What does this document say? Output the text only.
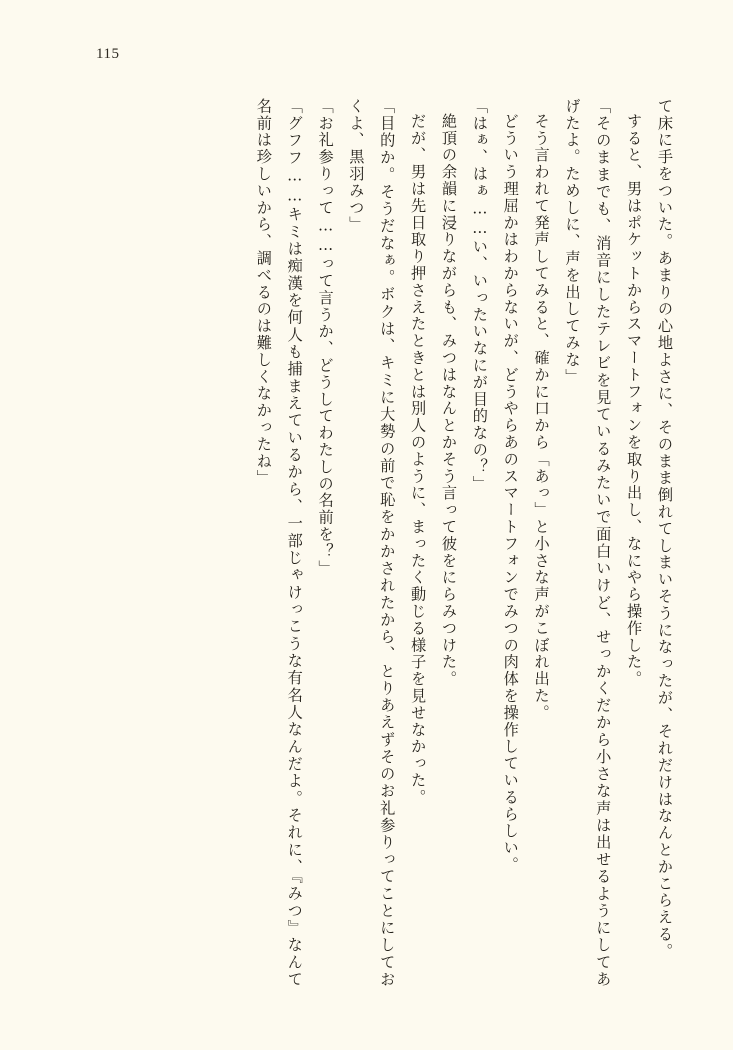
115

て床に手をついた。あまりの心地よさに、そのまま倒れてしまいそうになったが、それだけはなんとかこらえる。

すると、男はポケットからスマートフォンを取り出し、なにやら操作した。

「そのままでも、消音にしたテレビを見ているみたいで面白いけど、せっかくだから小さな声は出せるようにしてあげたよ。ためしに、声を出してみな」

そう言われて発声してみると、確かに口から「あっ」と小さな声がこぼれ出た。

どういう理屈かはわからないが、どうやらあのスマートフォンでみつの肉体を操作しているらしい。

「はぁ、はぁ……い、いったいなにが目的なの？」

絶頂の余韻に浸りながらも、みつはなんとかそう言って彼をにらみつけた。

だが、男は先日取り押さえたときとは別人のように、まったく動じる様子を見せなかった。

「目的か。そうだなぁ。ボクは、キミに大勢の前で恥をかかされたから、とりあえずそのお礼参りってことにしておくよ、黒羽みつ」

「お礼参りって……って言うか、どうしてわたしの名前を？」

「グフフ……キミは痴漢を何人も捕まえているから、一部じゃけっこうな有名人なんだよ。それに、『みつ』なんて名前は珍しいから、調べるのは難しくなかったね」
